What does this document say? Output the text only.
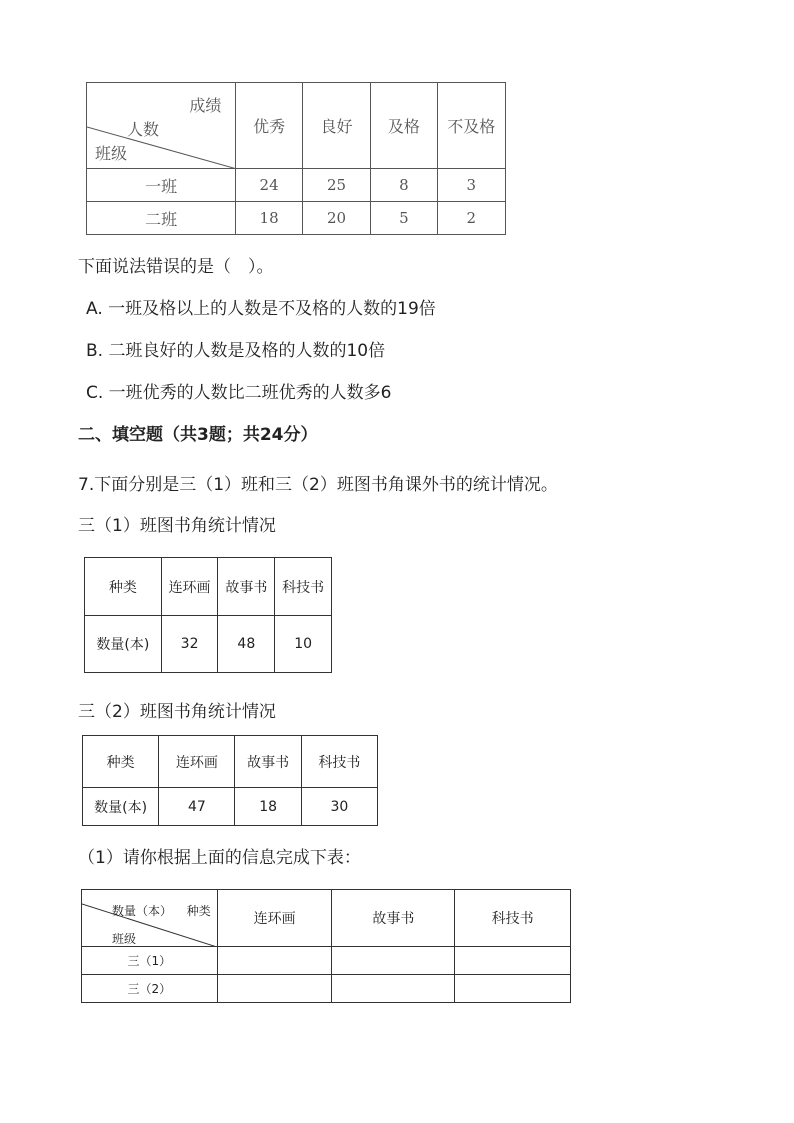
成绩
人数
班级	优秀	良好	及格	不及格
一班	24	25	8	3
二班	18	20	5	2
下面说法错误的是（　）。
A. 一班及格以上的人数是不及格的人数的19倍
B. 二班良好的人数是及格的人数的10倍
C. 一班优秀的人数比二班优秀的人数多6
二、填空题（共3题；共24分）
7.下面分别是三（1）班和三（2）班图书角课外书的统计情况。
三（1）班图书角统计情况
种类	连环画	故事书	科技书
数量(本)	32	48	10
三（2）班图书角统计情况
种类	连环画	故事书	科技书
数量(本)	47	18	30
（1）请你根据上面的信息完成下表：
数量（本） 种类
班级	连环画	故事书	科技书
三（1）			
三（2）			
